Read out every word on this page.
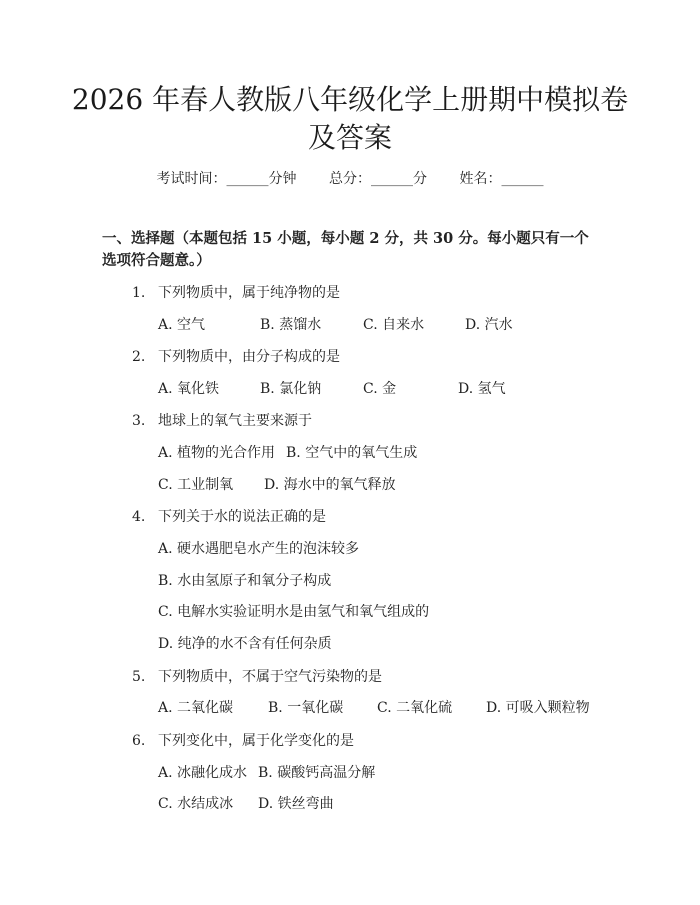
2026 年春人教版八年级化学上册期中模拟卷
及答案
考试时间：______分钟 总分：______分 姓名：______
一、选择题（本题包括 15 小题，每小题 2 分，共 30 分。每小题只有一个选项符合题意。）
1. 下列物质中，属于纯净物的是
A. 空气	B. 蒸馏水	C. 自来水	D. 汽水
2. 下列物质中，由分子构成的是
A. 氧化铁	B. 氯化钠	C. 金	D. 氢气
3. 地球上的氧气主要来源于
A. 植物的光合作用 B. 空气中的氧气生成
C. 工业制氧 D. 海水中的氧气释放
4. 下列关于水的说法正确的是
A. 硬水遇肥皂水产生的泡沫较多
B. 水由氢原子和氧分子构成
C. 电解水实验证明水是由氢气和氧气组成的
D. 纯净的水不含有任何杂质
5. 下列物质中，不属于空气污染物的是
A. 二氧化碳 B. 一氧化碳 C. 二氧化硫 D. 可吸入颗粒物
6. 下列变化中，属于化学变化的是
A. 冰融化成水 B. 碳酸钙高温分解
C. 水结成冰 D. 铁丝弯曲
